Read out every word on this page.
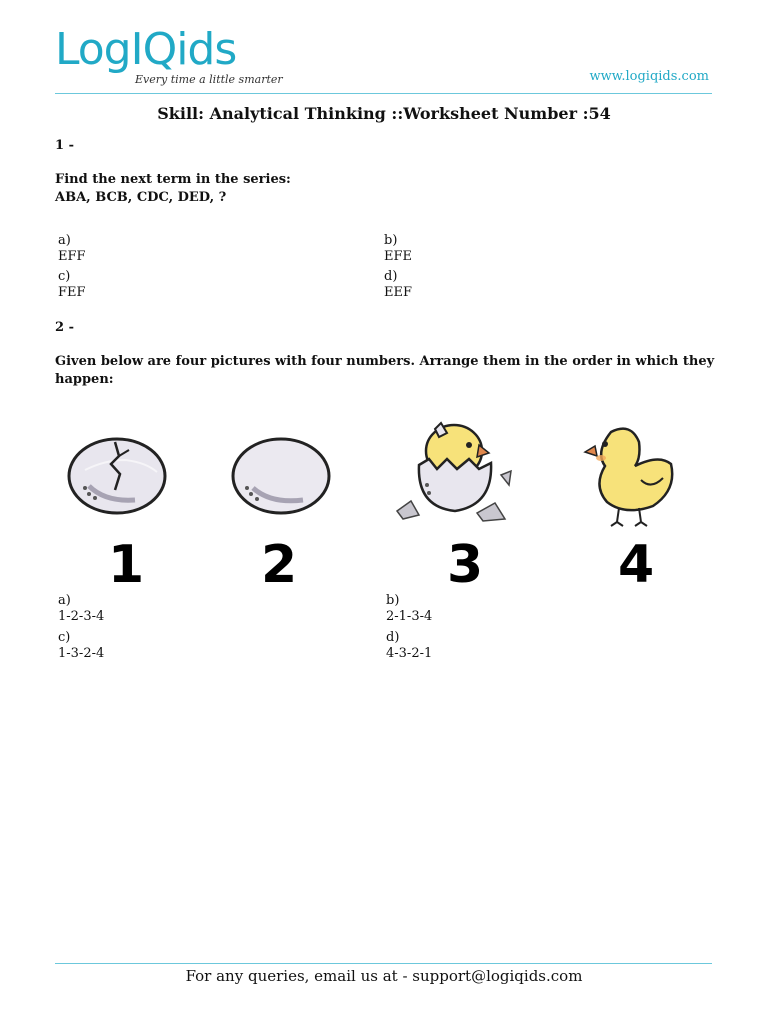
LogIQids
Every time a little smarter	www.logiqids.com
Skill: Analytical Thinking ::Worksheet Number :54
1 -
Find the next term in the series:
ABA, BCB, CDC, DED, ?
a)
EFF
b)
EFE
c)
FEF
d)
EEF
2 -
Given below are four pictures with four numbers. Arrange them in the order in which they happen:
1 2	3	4
a)
1-2-3-4
b)
2-1-3-4
c)
1-3-2-4
d)
4-3-2-1
For any queries, email us at - support@logiqids.com
